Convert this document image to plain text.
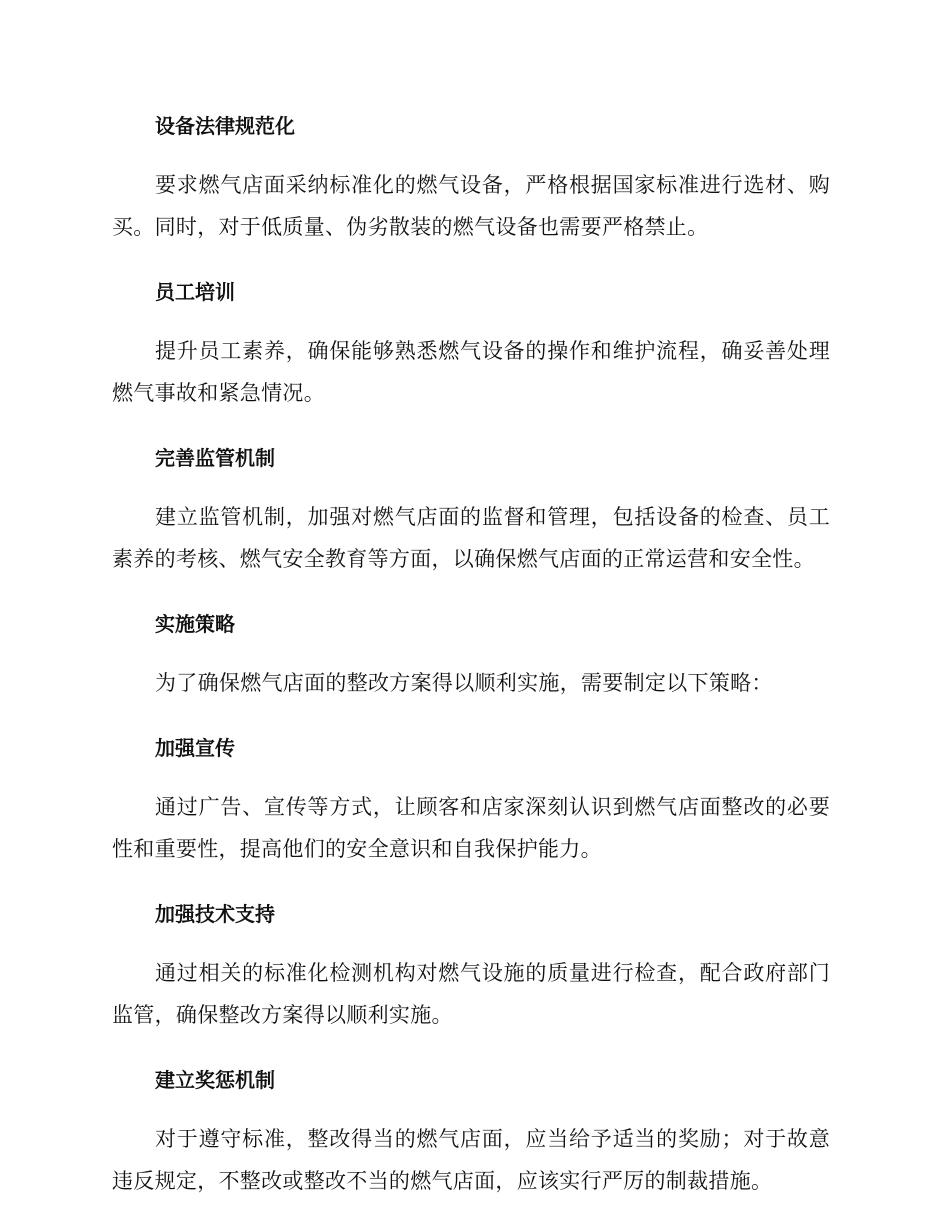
设备法律规范化

要求燃气店面采纳标准化的燃气设备，严格根据国家标准进行选材、购买。同时，对于低质量、伪劣散装的燃气设备也需要严格禁止。

员工培训

提升员工素养，确保能够熟悉燃气设备的操作和维护流程，确妥善处理燃气事故和紧急情况。

完善监管机制

建立监管机制，加强对燃气店面的监督和管理，包括设备的检查、员工素养的考核、燃气安全教育等方面，以确保燃气店面的正常运营和安全性。

实施策略

为了确保燃气店面的整改方案得以顺利实施，需要制定以下策略：

加强宣传

通过广告、宣传等方式，让顾客和店家深刻认识到燃气店面整改的必要性和重要性，提高他们的安全意识和自我保护能力。

加强技术支持

通过相关的标准化检测机构对燃气设施的质量进行检查，配合政府部门监管，确保整改方案得以顺利实施。

建立奖惩机制

对于遵守标准，整改得当的燃气店面，应当给予适当的奖励；对于故意违反规定，不整改或整改不当的燃气店面，应该实行严厉的制裁措施。
